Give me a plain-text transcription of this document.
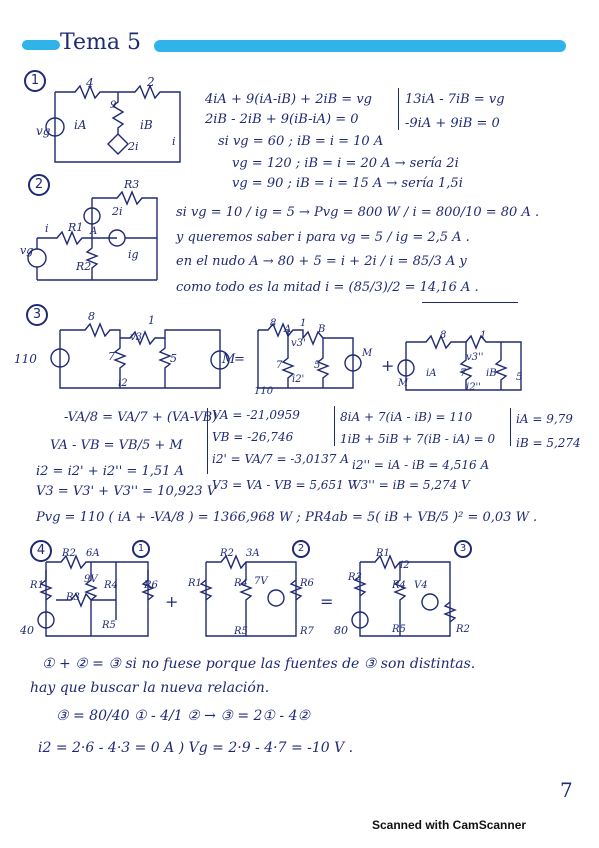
Tema 5
1	4	2
9
vg iA	iB
2i	i
4iA + 9(iA-iB) + 2iB = vg
2iB - 2iB + 9(iB-iA) = 0
si vg = 60 ; iB = i = 10 A
vg = 120 ; iB = i = 20 A → sería 2i
vg = 90 ; iB = i = 15 A → sería 1,5i
13iA - 7iB = vg
-9iA + 9iB = 0
2	R3
2i
R1 A
i
vg	ig
R2
si vg = 10 / ig = 5 → Pvg = 800 W / i = 800/10 = 80 A .
y queremos saber i para vg = 5 / ig = 2,5 A .
en el nudo A → 80 + 5 = i + 2i / i = 85/3 A y
como todo es la mitad i = (85/3)/2 = 14,16 A .
3	8	1
v3
7	5
110
i2
M
=
8
A	B
1
v3'
7	5
i2'
110
M
+
8	1
7	5
M
iA	iB
v3''
i2''
-VA/8 = VA/7 + (VA-VB)
VA - VB = VB/5 + M
i2 = i2' + i2'' = 1,51 A
V3 = V3' + V3'' = 10,923 V
VA = -21,0959
VB = -26,746
i2' = VA/7 = -3,0137 A
V3 = VA - VB = 5,651 V
8iA + 7(iA - iB) = 110
1iB + 5iB + 7(iB - iA) = 0
i2'' = iA - iB = 4,516 A
V3'' = iB = 5,274 V
iA = 9,79
iB = 5,274
Pvg = 110 ( iA + -VA/8 ) = 1366,968 W ; PR4ab = 5( iB + VB/5 )² = 0,03 W .
4	R2 6A
R1
R3
9V
R4	R6
R5
40
1
+
R2 3A
R1	R4 7V	R6
R5	R7
2
=
R1
i2
R3
R4 V4
R5	R2
80
3
① + ② = ③ si no fuese porque las fuentes de ③ son distintas.
hay que buscar la nueva relación.
③ = 80/40 ① - 4/1 ② → ③ = 2① - 4②
i2 = 2·6 - 4·3 = 0 A ) Vg = 2·9 - 4·7 = -10 V .
7
Scanned with CamScanner
